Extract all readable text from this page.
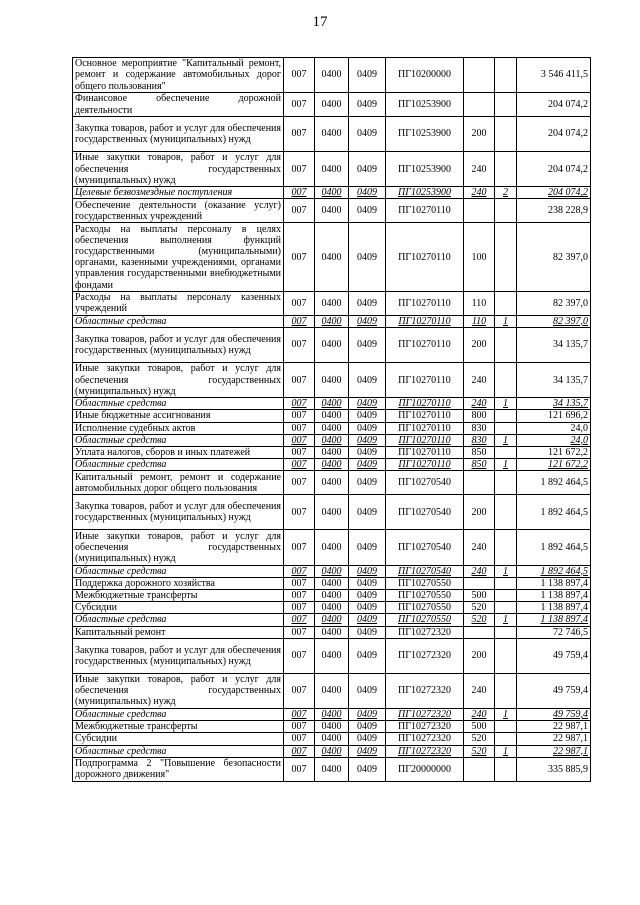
17
Основное мероприятие "Капитальный ремонт, ремонт и содержание автомобильных дорог общего пользования"	007	0400	0409	ПГ10200000			3 546 411,5
Финансовое обеспечение дорожной деятельности	007	0400	0409	ПГ10253900			204 074,2
Закупка товаров, работ и услуг для обеспечения государственных (муниципальных) нужд	007	0400	0409	ПГ10253900	200		204 074,2
Иные закупки товаров, работ и услуг для обеспечения государственных (муниципальных) нужд	007	0400	0409	ПГ10253900	240		204 074,2
Целевые безвозмездные поступления	007	0400	0409	ПГ10253900	240	2	204 074,2
Обеспечение деятельности (оказание услуг) государственных учреждений	007	0400	0409	ПГ10270110			238 228,9
Расходы на выплаты персоналу в целях обеспечения выполнения функций государственными (муниципальными) органами, казенными учреждениями, органами управления государственными внебюджетными фондами	007	0400	0409	ПГ10270110	100		82 397,0
Расходы на выплаты персоналу казенных учреждений	007	0400	0409	ПГ10270110	110		82 397,0
Областные средства	007	0400	0409	ПГ10270110	110	1	82 397,0
Закупка товаров, работ и услуг для обеспечения государственных (муниципальных) нужд	007	0400	0409	ПГ10270110	200		34 135,7
Иные закупки товаров, работ и услуг для обеспечения государственных (муниципальных) нужд	007	0400	0409	ПГ10270110	240		34 135,7
Областные средства	007	0400	0409	ПГ10270110	240	1	34 135,7
Иные бюджетные ассигнования	007	0400	0409	ПГ10270110	800		121 696,2
Исполнение судебных актов	007	0400	0409	ПГ10270110	830		24,0
Областные средства	007	0400	0409	ПГ10270110	830	1	24,0
Уплата налогов, сборов и иных платежей	007	0400	0409	ПГ10270110	850		121 672,2
Областные средства	007	0400	0409	ПГ10270110	850	1	121 672,2
Капитальный ремонт, ремонт и содержание автомобильных дорог общего пользования	007	0400	0409	ПГ10270540			1 892 464,5
Закупка товаров, работ и услуг для обеспечения государственных (муниципальных) нужд	007	0400	0409	ПГ10270540	200		1 892 464,5
Иные закупки товаров, работ и услуг для обеспечения государственных (муниципальных) нужд	007	0400	0409	ПГ10270540	240		1 892 464,5
Областные средства	007	0400	0409	ПГ10270540	240	1	1 892 464,5
Поддержка дорожного хозяйства	007	0400	0409	ПГ10270550			1 138 897,4
Межбюджетные трансферты	007	0400	0409	ПГ10270550	500		1 138 897,4
Субсидии	007	0400	0409	ПГ10270550	520		1 138 897,4
Областные средства	007	0400	0409	ПГ10270550	520	1	1 138 897,4
Капитальный ремонт	007	0400	0409	ПГ10272320			72 746,5
Закупка товаров, работ и услуг для обеспечения государственных (муниципальных) нужд	007	0400	0409	ПГ10272320	200		49 759,4
Иные закупки товаров, работ и услуг для обеспечения государственных (муниципальных) нужд	007	0400	0409	ПГ10272320	240		49 759,4
Областные средства	007	0400	0409	ПГ10272320	240	1	49 759,4
Межбюджетные трансферты	007	0400	0409	ПГ10272320	500		22 987,1
Субсидии	007	0400	0409	ПГ10272320	520		22 987,1
Областные средства	007	0400	0409	ПГ10272320	520	1	22 987,1
Подпрограмма 2 "Повышение безопасности дорожного движения"	007	0400	0409	ПГ20000000			335 885,9
